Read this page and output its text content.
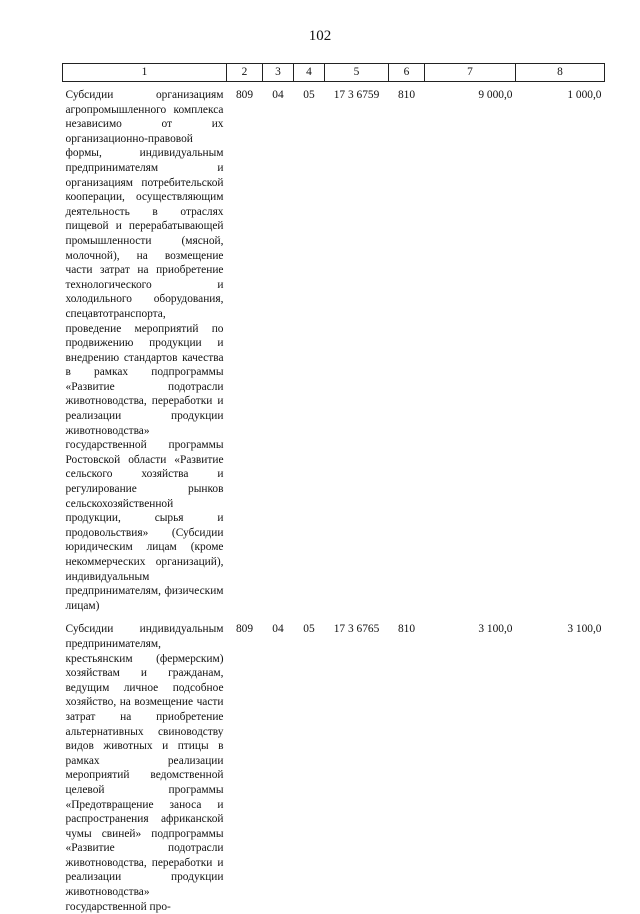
102
1	2	3	4	5	6	7	8
Субсидии организациям агропромышленного комплекса независимо от их организационно-правовой формы, индивидуальным предпринимателям и организациям потребительской кооперации, осуществляющим деятельность в отраслях пищевой и перерабатывающей промышленности (мясной, молочной), на возмещение части затрат на приобретение технологического и холодильного оборудования, спецавтотранспорта, проведение мероприятий по продвижению продукции и внедрению стандартов качества в рамках подпрограммы «Развитие подотрасли животноводства, переработки и реализации продукции животноводства» государственной программы Ростовской области «Развитие сельского хозяйства и регулирование рынков сельскохозяйственной продукции, сырья и продовольствия» (Субсидии юридическим лицам (кроме некоммерческих организаций), индивидуальным предпринимателям, физическим лицам)	809	04	05	17 3 6759	810	9 000,0	1 000,0
Субсидии индивидуальным предпринимателям, крестьянским (фермерским) хозяйствам и гражданам, ведущим личное подсобное хозяйство, на возмещение части затрат на приобретение альтернативных свиноводству видов животных и птицы в рамках реализации мероприятий ведомственной целевой программы «Предотвращение заноса и распространения африканской чумы свиней» подпрограммы «Развитие подотрасли животноводства, переработки и реализации продукции животноводства» государственной про-	809	04	05	17 3 6765	810	3 100,0	3 100,0
